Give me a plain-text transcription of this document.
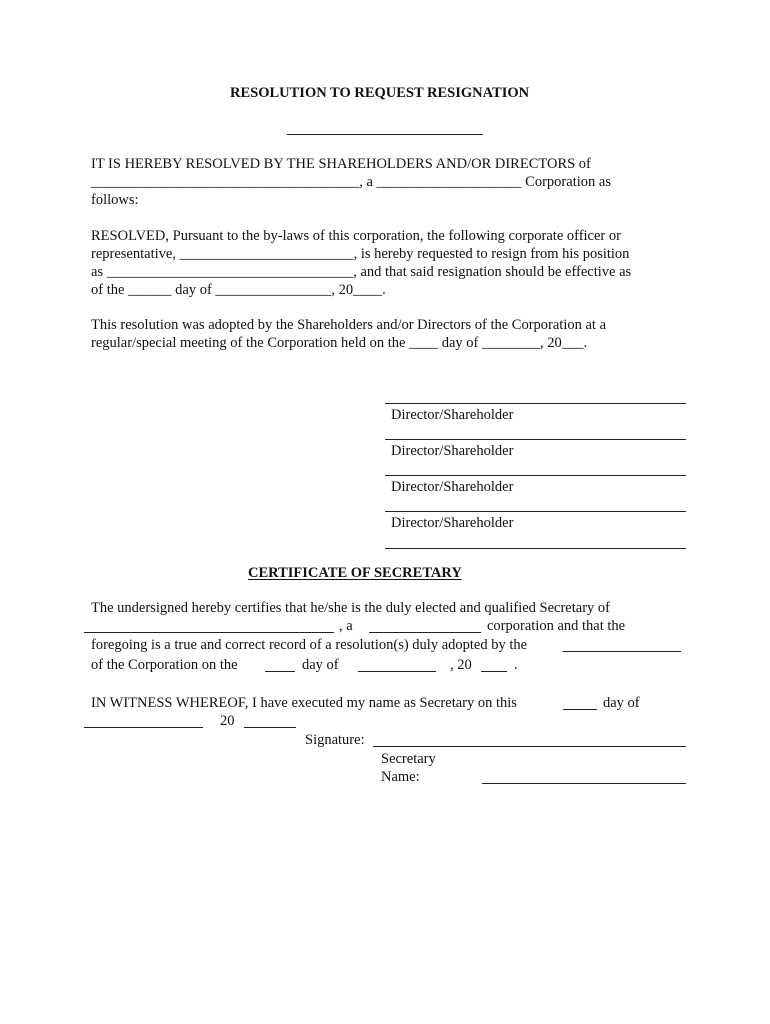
RESOLUTION TO REQUEST RESIGNATION
IT IS HEREBY RESOLVED BY THE SHAREHOLDERS AND/OR DIRECTORS of
_____________________________________, a ____________________ Corporation as
follows:
RESOLVED, Pursuant to the by-laws of this corporation, the following corporate officer or
representative, ________________________, is hereby requested to resign from his position
as __________________________________, and that said resignation should be effective as
of the ______ day of ________________, 20____.
This resolution was adopted by the Shareholders and/or Directors of the Corporation at a
regular/special meeting of the Corporation held on the ____ day of ________, 20___.
Director/Shareholder
Director/Shareholder
Director/Shareholder
Director/Shareholder
CERTIFICATE OF SECRETARY
The undersigned hereby certifies that he/she is the duly elected and qualified Secretary of
, a	corporation and that the
foregoing is a true and correct record of a resolution(s) duly adopted by the
of the Corporation on the	day of	, 20	.
IN WITNESS WHEREOF, I have executed my name as Secretary on this	day of
20
Signature:
Secretary
Name:
